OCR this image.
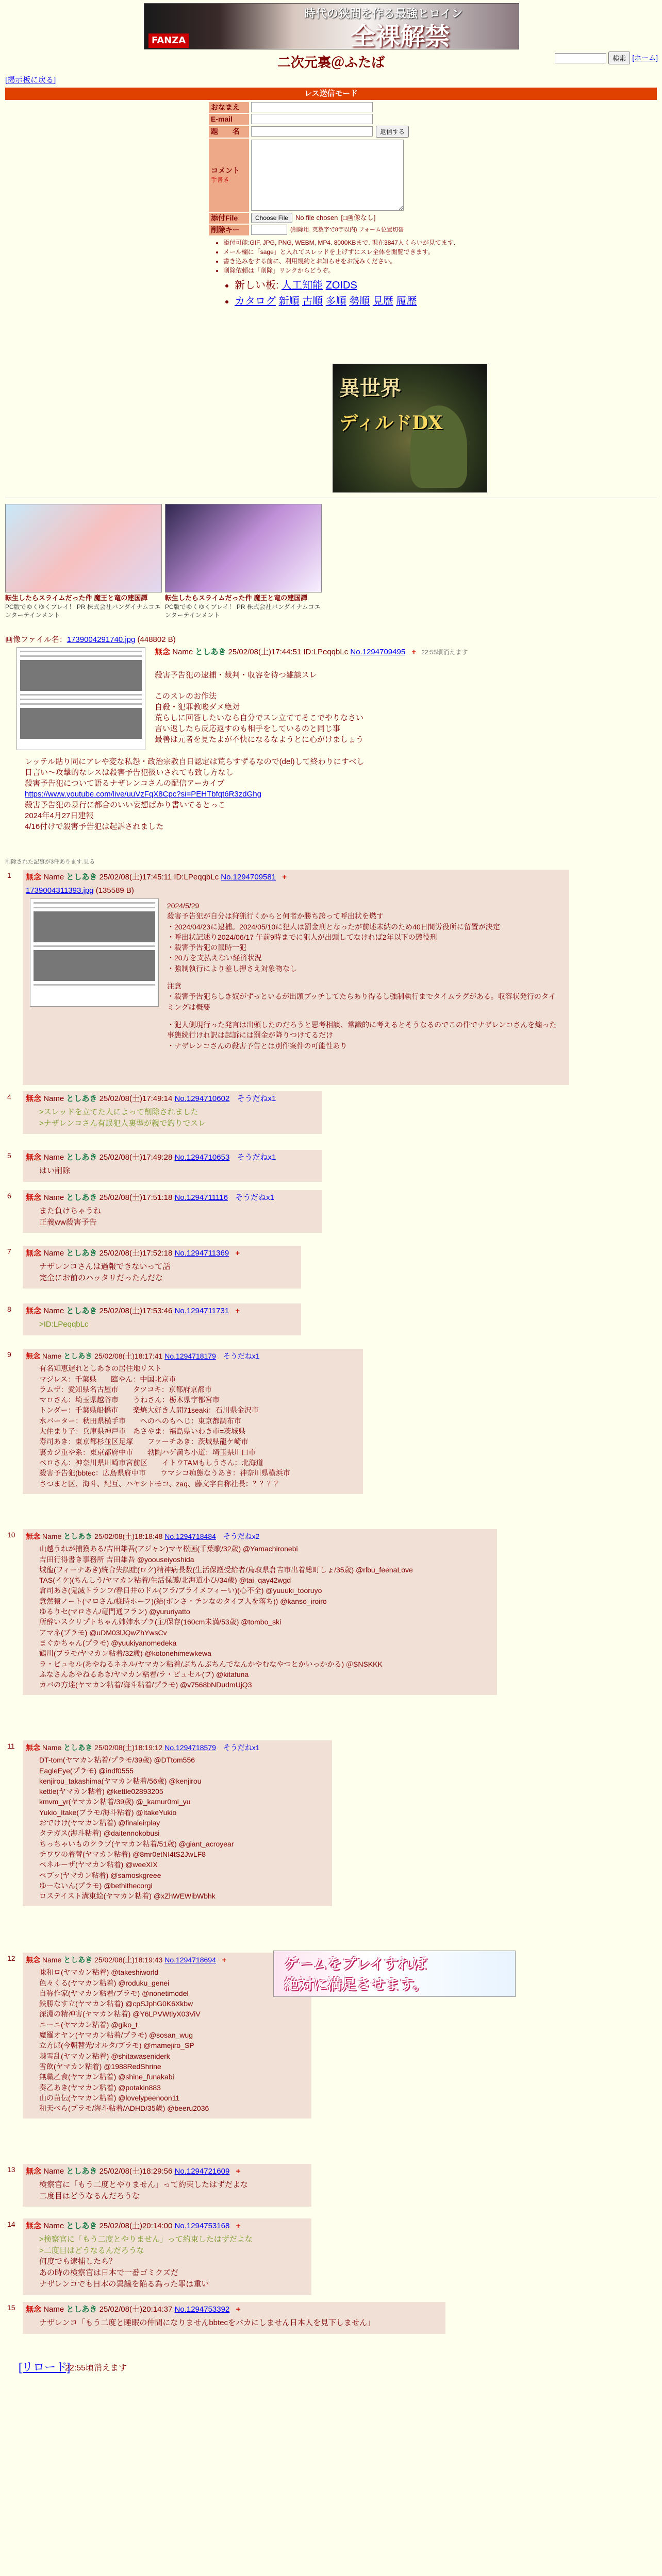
時代の狭間を作る最強ヒロイン
全裸解禁
FANZA
二次元裏＠ふたば	検索 [ホーム]
[掲示板に戻る]
レス送信モード
おなまえ
E-mail
題　　名	返信する
コメント
手書き
添付File	Choose File	No file chosen [□画像なし]
削除キー	(削除用. 英数字で8字以内) フォーム位置切替
• 添付可能:GIF, JPG, PNG, WEBM, MP4. 8000KBまで. 現在3847人くらいが見てます.
• メール欄に「sage」と入れてスレッドを上げずにスレ全体を閲覧できます。
• 書き込みをする前に、利用規約とお知らせをお読みください。
• 削除依頼は「削除」リンクからどうぞ。
• 新しい板: 人工知能 ZOIDS
• カタログ 新順 古順 多順 勢順 見歴 履歴
異世界
ディルドDX
転生したらスライムだった件 魔王と竜の建国譚
PC版でゆくゆくプレイ！ PR 株式会社バンダイナムコエンターテインメント
転生したらスライムだった件 魔王と竜の建国譚
PC版でゆくゆくプレイ！ PR 株式会社バンダイナムコエンターテインメント
画像ファイル名：1739004291740.jpg (448802 B)
無念 Name としあき 25/02/08(土)17:44:51 ID:LPeqqbLc No.1294709495 + 22:55頃消えます
殺害予告犯の逮捕・裁判・収容を待つ雑談スレ
このスレのお作法
自殺・犯罪教唆ダメ絶対
荒らしに回答したいなら自分でスレ立ててそこでやりなさい
言い返したら反応返すのも相手をしているのと同じ事
最善は元者を見たよが不快になるなようとに心がけましょう
レッテル貼り同にアレや変な私怨・政治宗教自日認定は荒らすずるなので(del)して終わりにすべし
日言い～攻撃的なレスは殺害予告犯扱いされても致し方なし
殺害予告犯について語るナザレンコさんの配信アーカイブ
https://www.youtube.com/live/uuVzFqX8Cpc?si=PEHTbfqt6R3zdGhg
殺害予告犯の暴行に都合のいい妄想ばかり書いてるとっこ
2024年4月27日建報
4/16付けで殺害予告犯は起訴されました
削除された記事が3件あります.見る
1	無念 Name としあき 25/02/08(土)17:45:11 ID:LPeqqbLc No.1294709581 +
1739004311393.jpg (135589 B)
2024/5/29
殺害予告犯が自分は狩猟行くからと何者か勝ち誇って呼出状を燃す
・2024/04/23に逮捕。2024/05/10に犯人は罰金刑となったが前述未納のため40日間労役所に留置が決定
・呼出状記述り2024/06/17 午前9時までに犯人が出頭してなければ2年以下の懲役刑
・殺害予告犯の鼠時一犯
・20万を支払えない経済状況
・強制執行により差し押さえ対象物なし
注意
・殺害予告犯らしき奴がずっといるが出頭ブッチしてたらあり得るし強制執行までタイムラグがある。収容状発行のタイミングは概要
・犯人側現行った発言は出頭したのだろうと思考相談、常識的に考えるとそうなるのでこの件でナザレンコさんを煽った事態続行けれ訳は起訴には罰金が降りつけてるだけ
・ナザレンコさんの殺害予告とは別件案件の可能性あり
4	無念 Name としあき 25/02/08(土)17:49:14 No.1294710602 そうだねx1
>スレッドを立てた人によって削除されました
>ナザレンコさん有誤犯人裏型が親で釣りでスレ
5	無念 Name としあき 25/02/08(土)17:49:28 No.1294710653 そうだねx1
はい削除
6	無念 Name としあき 25/02/08(土)17:51:18 No.1294711116 そうだねx1
また負けちゃうね
正義ww殺害予告
7	無念 Name としあき 25/02/08(土)17:52:18 No.1294711369 +
ナザレンコさんは過報できないって話
完全にお前のハッタリだったんだな
8	無念 Name としあき 25/02/08(土)17:53:46 No.1294711731 +
>ID:LPeqqbLc
9	無念 Name としあき 25/02/08(土)18:17:41 No.1294718179 そうだねx1
有名知恵遅れとしあきの居住地リスト
マジレス：千葉県　　臨やん：中国北京市
ラムザ：愛知県名古屋市　　タツコキ：京都府京都市
マロさん：埼玉県越谷市　　うねさん：栃木県宇都宮市
トンダー：千葉県船橋市　　楽焼大好き人間71seaki：石川県金沢市
水バーター：秋田県横手市　　へのへのもへじ：東京都調布市
大住まり子：兵庫県神戸市　あさやま：福島県いわき市=茨城県
寿司あき：東京都杉並区足塚　　ファーチあき：茨城県龍ケ崎市
裏カジ重や系：東京都府中市　　勃陶ハゲ満ち小道：埼玉県川口市
ペロさん：神奈川県川崎市宮前区　　イトウTAMもしうさん：北海道
殺害予告犯(bbtec：広島県府中市　　ウマシコ痴態なうあき：神奈川県横浜市
さつまと区、海斗、紀互、ハヤシトモコ、zaq、藤文字自称社長：？？？？
10	無念 Name としあき 25/02/08(土)18:18:48 No.1294718484 そうだねx2
山越うねが捕獲ある/吉田雄吾(アジャン)マヤ松画(千葉歌/32歳) @Yamachironebi
吉田行得書き事務所 吉田雄吾 @yoouseiyoshida
城龍(フィーナあき)統合失調症(ロク)精神病長数(生活保護受給者/鳥取県倉吉市出着総町しょ/35歳) @rlbu_feenaLove
TAS(イケ)(ちんしう/ヤマカン粘着/生活保護/北海道小ひ/34歳) @tai_qay42wgd
倉司あさ(鬼滅トランフ/春日井のドル(フラ/ブライメフィーい)(心不全) @yuuuki_tooruyo
意然猿ノート(マロさん/様時ホーフ)(結(ボンさ・チンなのタイプ人を落ち)) @kanso_iroiro
ゆるりセ(マロさん/竜門通フラン) @yururiyatto
所酔いスクリプトちゃん姉姉水ブラ(主/保存(160cm未満/53歳) @tombo_ski
アマネ(プラモ) @uDM03lJQwZhYwsCv
まぐかちゃん(プラモ) @yuukiyanomedeka
鶴川(プラモ/ヤマカン粘着/32歳) @kotonehimewkewa
ラ・ビュセル(あやねるネネル/ヤマカン粘着/ぶちんぶちんでなんかやむなやつとかいっかかる) ＠SNSKKK
ふなさんあやねるあき/ヤマカン粘着/ラ・ビュセル(プ) @kitafuna
カバの方達(ヤマカン粘着/海斗粘着/プラモ) @v7568bNDudmUjQ3
11	無念 Name としあき 25/02/08(土)18:19:12 No.1294718579 そうだねx1
DT-tom(ヤマカン粘着/プラモ/39歳) @DTtom556
EagleEye(プラモ) @indf0555
kenjirou_takashima(ヤマカン粘着/56歳) @kenjirou
kettle(ヤマカン粘着) @kettle02893205
kmvm_yr(ヤマカン粘着/39歳) @_kamur0mi_yu
Yukio_Itake(プラモ/海斗粘着) @ItakeYukio
おでけけ(ヤマカン粘着) @finaleirplay
タテガス(海斗粘着) @daitennokobusi
ちっちゃいものクラブ(ヤマカン粘着/51歳) @giant_acroyear
チワワの着替(ヤマカン粘着) @8mr0etNI4tS2JwLF8
ペネルーザ(ヤマカン粘着) @weeXIX
ペプッ(ヤマカン粘着) @samoskgreee
ゆーないん(プラモ) @bethithecorgi
ロステイスト溝東絵(ヤマカン粘着) @xZhWEWibWbhk
12	無念 Name としあき 25/02/08(土)18:19:43 No.1294718694 +
味和ロ(ヤマカン粘着) @takeshiworld
色々くる(ヤマカン粘着) @roduku_genei
自称作家(ヤマカン粘着/プラモ) @nonetimodel
鉄勝なす立(ヤマカン粘着) @cpSJphG0K6Xkbw
深淵の精神害(ヤマカン粘着) @Y6LPVWtlyX03ViV
ニーニ(ヤマカン粘着) @giko_t
魔羅オヤン(ヤマカン粘着/プラモ) @sosan_wug
立方郎(今朝替光/オルタ/プラモ) @mamejiro_SP
棘雪乱(ヤマカン粘着) @shitawaseniderk
雪飲(ヤマカン粘着) @1988RedShrine
無職乙食(ヤマカン粘着) @shine_funakabi
奏乙あき(ヤマカン粘着) @potakin883
山の苗伝(ヤマカン粘着) @lovelypeenoon11
和天べら(プラモ/海斗粘着/ADHD/35歳) @beeru2036
ゲームをプレイすれば
絶対に満足させます。
13	無念 Name としあき 25/02/08(土)18:29:56 No.1294721609 +
検察官に「もう二度とやりません」って約束したはずだよな
二度目はどうなるんだろうな
14	無念 Name としあき 25/02/08(土)20:14:00 No.1294753168 +
>検察官に「もう二度とやりません」って約束したはずだよな
>二度目はどうなるんだろうな
何度でも逮捕したら？
あの時の検察官は日本で一番ゴミクズだ
ナザレンコでも日本の異議を陥る為った罪は重い
15	無念 Name としあき 25/02/08(土)20:14:37 No.1294753392 +
ナザレンコ「もう二度と睡眠の仲間になりませんbbtecをバカにしません日本人を見下しません」
[リロード]
22:55頃消えます
